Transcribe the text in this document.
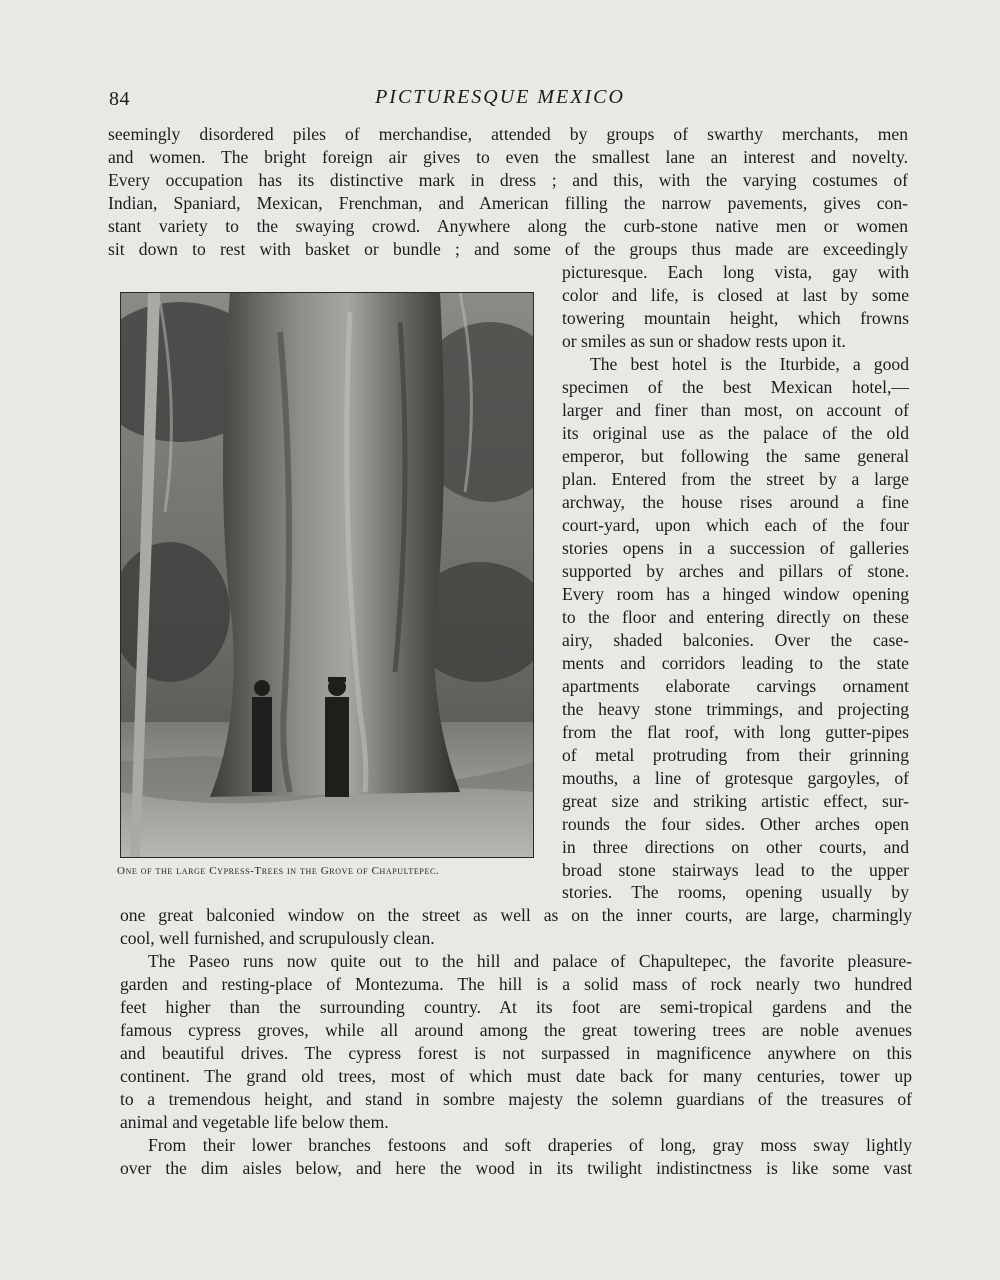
84	PICTURESQUE MEXICO
seemingly disordered piles of merchandise, attended by groups of swarthy merchants, men
and women. The bright foreign air gives to even the smallest lane an interest and novelty.
Every occupation has its distinctive mark in dress ; and this, with the varying costumes of
Indian, Spaniard, Mexican, Frenchman, and American filling the narrow pavements, gives con-
stant variety to the swaying crowd. Anywhere along the curb-stone native men or women
sit down to rest with basket or bundle ; and some of the groups thus made are exceedingly
One of the large Cypress-Trees in the Grove of Chapultepec.
picturesque. Each long vista, gay with
color and life, is closed at last by some
towering mountain height, which frowns
or smiles as sun or shadow rests upon it.
The best hotel is the Iturbide, a good
specimen of the best Mexican hotel,—
larger and finer than most, on account of
its original use as the palace of the old
emperor, but following the same general
plan. Entered from the street by a large
archway, the house rises around a fine
court-yard, upon which each of the four
stories opens in a succession of galleries
supported by arches and pillars of stone.
Every room has a hinged window opening
to the floor and entering directly on these
airy, shaded balconies. Over the case-
ments and corridors leading to the state
apartments elaborate carvings ornament
the heavy stone trimmings, and projecting
from the flat roof, with long gutter-pipes
of metal protruding from their grinning
mouths, a line of grotesque gargoyles, of
great size and striking artistic effect, sur-
rounds the four sides. Other arches open
in three directions on other courts, and
broad stone stairways lead to the upper
stories. The rooms, opening usually by
one great balconied window on the street as well as on the inner courts, are large, charmingly
cool, well furnished, and scrupulously clean.
The Paseo runs now quite out to the hill and palace of Chapultepec, the favorite pleasure-
garden and resting-place of Montezuma. The hill is a solid mass of rock nearly two hundred
feet higher than the surrounding country. At its foot are semi-tropical gardens and the
famous cypress groves, while all around among the great towering trees are noble avenues
and beautiful drives. The cypress forest is not surpassed in magnificence anywhere on this
continent. The grand old trees, most of which must date back for many centuries, tower up
to a tremendous height, and stand in sombre majesty the solemn guardians of the treasures of
animal and vegetable life below them.
From their lower branches festoons and soft draperies of long, gray moss sway lightly
over the dim aisles below, and here the wood in its twilight indistinctness is like some vast
